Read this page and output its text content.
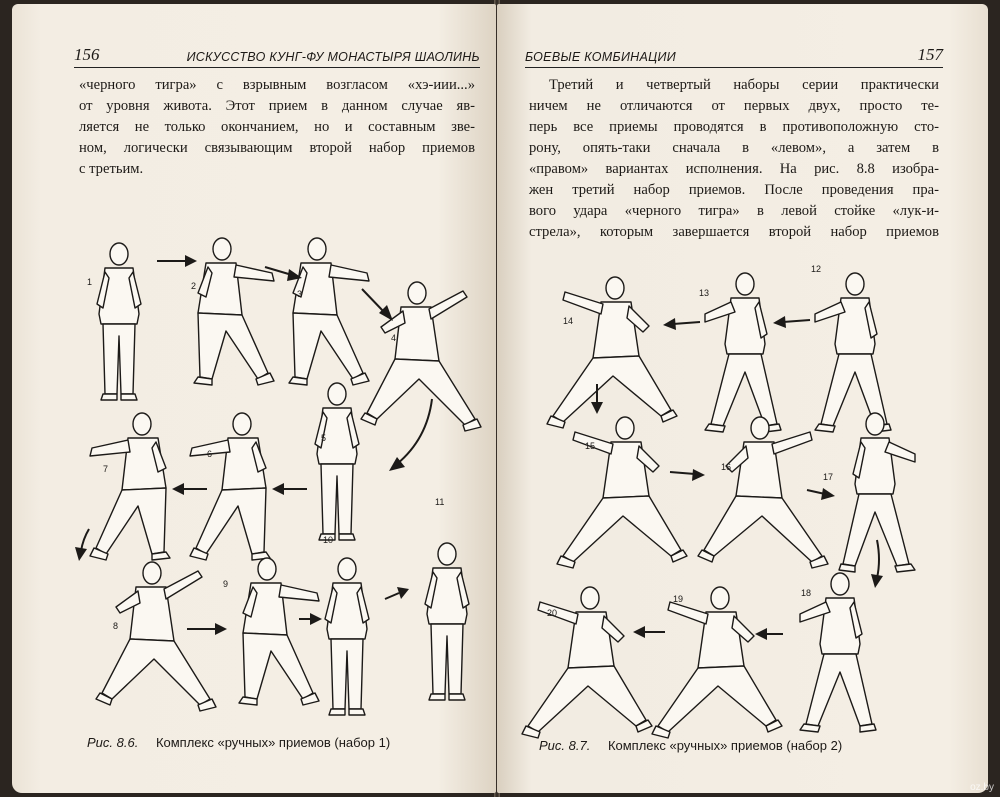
156	ИСКУССТВО КУНГ-ФУ МОНАСТЫРЯ ШАОЛИНЬ
«черного тигра» с взрывным возгласом «хэ-иии...»
от уровня живота. Этот прием в данном случае яв-
ляется не только окончанием, но и составным зве-
ном, логически связывающим второй набор приемов
с третьим.
1	2
3
4
7
6
5
8
9
10
11
Рис. 8.6. Комплекс «ручных» приемов (набор 1)
БОЕВЫЕ КОМБИНАЦИИ	157
Третий и четвертый наборы серии практически
ничем не отличаются от первых двух, просто те-
перь все приемы проводятся в противоположную сто-
рону, опять-таки сначала в «левом», а затем в
«правом» вариантах исполнения. На рис. 8.8 изобра-
жен третий набор приемов. После проведения пра-
вого удара «черного тигра» в левой стойке «лук-и-
стрела», которым завершается второй набор приемов
14
13
12
15
16
17
20
19
18
Рис. 8.7. Комплекс «ручных» приемов (набор 2)
oz.by
